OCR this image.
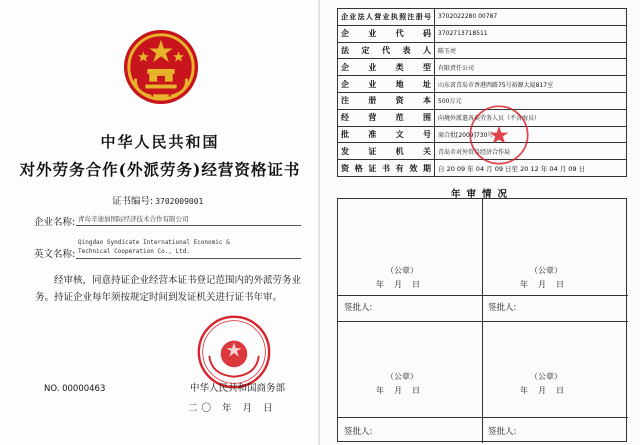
中华人民共和国
对外劳务合作(外派劳务)经营资格证书
证书编号: 3702009001
企业名称: 青岛辛迪加国际经济技术合作有限公司
英文名称:
Qingdao Syndicate International Economic &
Technical Cooperation Co., Ltd.
经审核，同意持证企业经营本证书登记范围内的外派劳务业务。持证企业每年须按规定时间到发证机关进行证书年审。
NO. 00000463	中华人民共和国商务部
二〇 年 月 日
企业法人营业执照注册号	3702022280 00787
企业代码	3702713718511
法定代表人	陈玉亮
企业类型	有限责任公司
企业地址	山东省青岛市香港西路75号裕源大厦817室
注册资本	500万元
经营范围	向境外派遣各类劳务人员（不含海员）
批准文号	商合批[2009]730号
发证机关	青岛市对外贸易经济合作局
资格证书有效期	自 20 09 年 04 月 09 日至 20 12 年 04 月 09 日
年审情况
（公章）
年月日
（公章）
年月日
签批人:	签批人:
（公章）
年月日
（公章）
年月日
签批人:	签批人:
